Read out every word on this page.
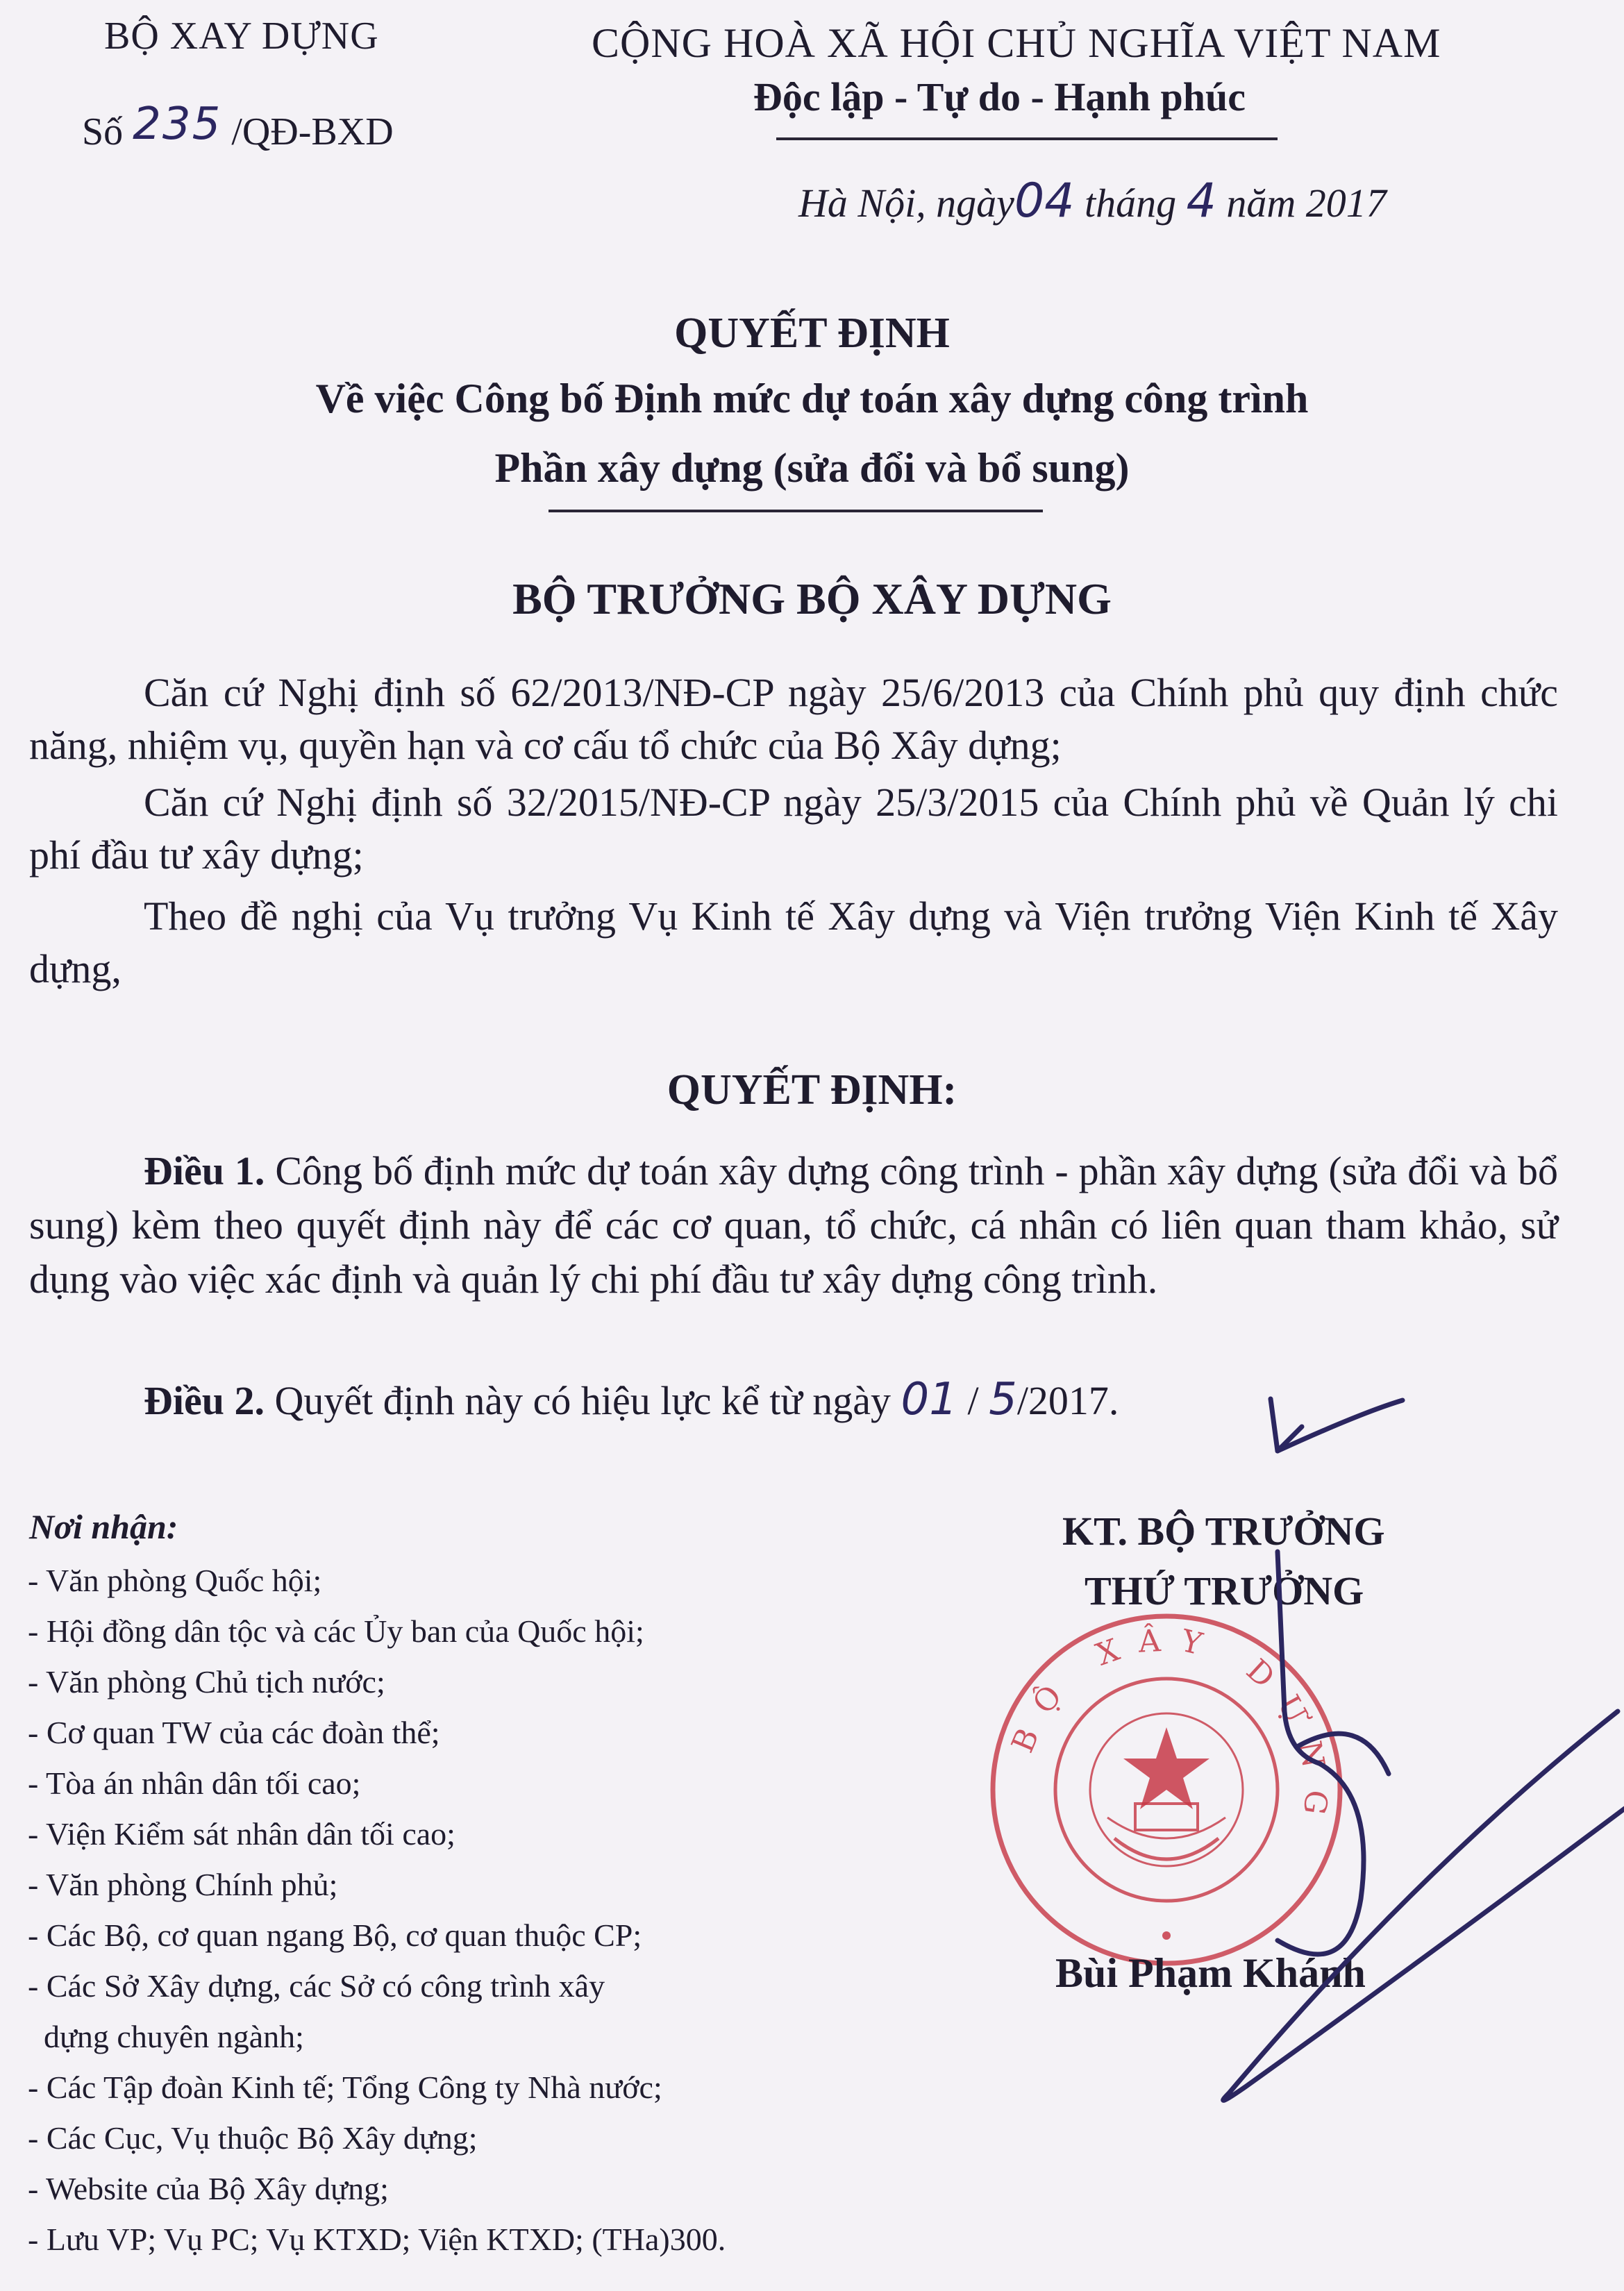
BỘ XAY DỰNG
Số 235 /QĐ-BXD
CỘNG HOÀ XÃ HỘI CHỦ NGHĨA VIỆT NAM
Độc lập - Tự do - Hạnh phúc
Hà Nội, ngày04 tháng 4 năm 2017
QUYẾT ĐỊNH
Về việc Công bố Định mức dự toán xây dựng công trình
Phần xây dựng (sửa đổi và bổ sung)
BỘ TRƯỞNG BỘ XÂY DỰNG
Căn cứ Nghị định số 62/2013/NĐ-CP ngày 25/6/2013 của Chính phủ quy định chức năng, nhiệm vụ, quyền hạn và cơ cấu tổ chức của Bộ Xây dựng;
Căn cứ Nghị định số 32/2015/NĐ-CP ngày 25/3/2015 của Chính phủ về Quản lý chi phí đầu tư xây dựng;
Theo đề nghị của Vụ trưởng Vụ Kinh tế Xây dựng và Viện trưởng Viện Kinh tế Xây dựng,
QUYẾT ĐỊNH:
Điều 1. Công bố định mức dự toán xây dựng công trình - phần xây dựng (sửa đổi và bổ sung) kèm theo quyết định này để các cơ quan, tổ chức, cá nhân có liên quan tham khảo, sử dụng vào việc xác định và quản lý chi phí đầu tư xây dựng công trình.
Điều 2. Quyết định này có hiệu lực kể từ ngày 01 / 5/2017.
Nơi nhận:
- Văn phòng Quốc hội;
- Hội đồng dân tộc và các Ủy ban của Quốc hội;
- Văn phòng Chủ tịch nước;
- Cơ quan TW của các đoàn thể;
- Tòa án nhân dân tối cao;
- Viện Kiểm sát nhân dân tối cao;
- Văn phòng Chính phủ;
- Các Bộ, cơ quan ngang Bộ, cơ quan thuộc CP;
- Các Sở Xây dựng, các Sở có công trình xây
dựng chuyên ngành;
- Các Tập đoàn Kinh tế; Tổng Công ty Nhà nước;
- Các Cục, Vụ thuộc Bộ Xây dựng;
- Website của Bộ Xây dựng;
- Lưu VP; Vụ PC; Vụ KTXD; Viện KTXD; (THa)300.
BỘ XÂY DỰNG
KT. BỘ TRƯỞNG
THỨ TRƯỞNG
Bùi Phạm Khánh
